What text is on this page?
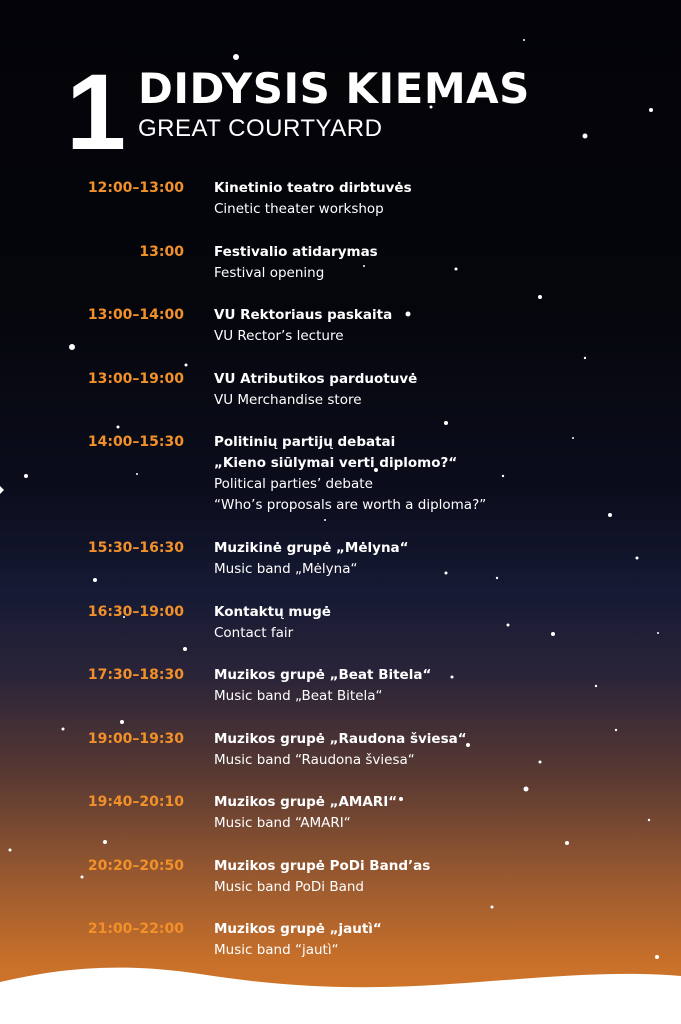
1 DIDYSIS KIEMAS
GREAT COURTYARD
12:00–13:00 Kinetinio teatro dirbtuvės
Cinetic theater workshop
13:00 Festivalio atidarymas
Festival opening
13:00–14:00 VU Rektoriaus paskaita
VU Rector’s lecture
13:00–19:00 VU Atributikos parduotuvė
VU Merchandise store
14:00–15:30 Politinių partijų debatai
„Kieno siūlymai verti diplomo?“
Political parties’ debate
“Who’s proposals are worth a diploma?”
15:30–16:30 Muzikinė grupė „Mėlyna“
Music band „Mėlyna“
16:30–19:00 Kontaktų mugė
Contact fair
17:30–18:30 Muzikos grupė „Beat Bitela“
Music band „Beat Bitela“
19:00–19:30 Muzikos grupė „Raudona šviesa“
Music band “Raudona šviesa“
19:40–20:10 Muzikos grupė „AMARI“
Music band “AMARI“
20:20–20:50 Muzikos grupė PoDi Band’as
Music band PoDi Band
21:00–22:00 Muzikos grupė „jautì“
Music band “jautì“
